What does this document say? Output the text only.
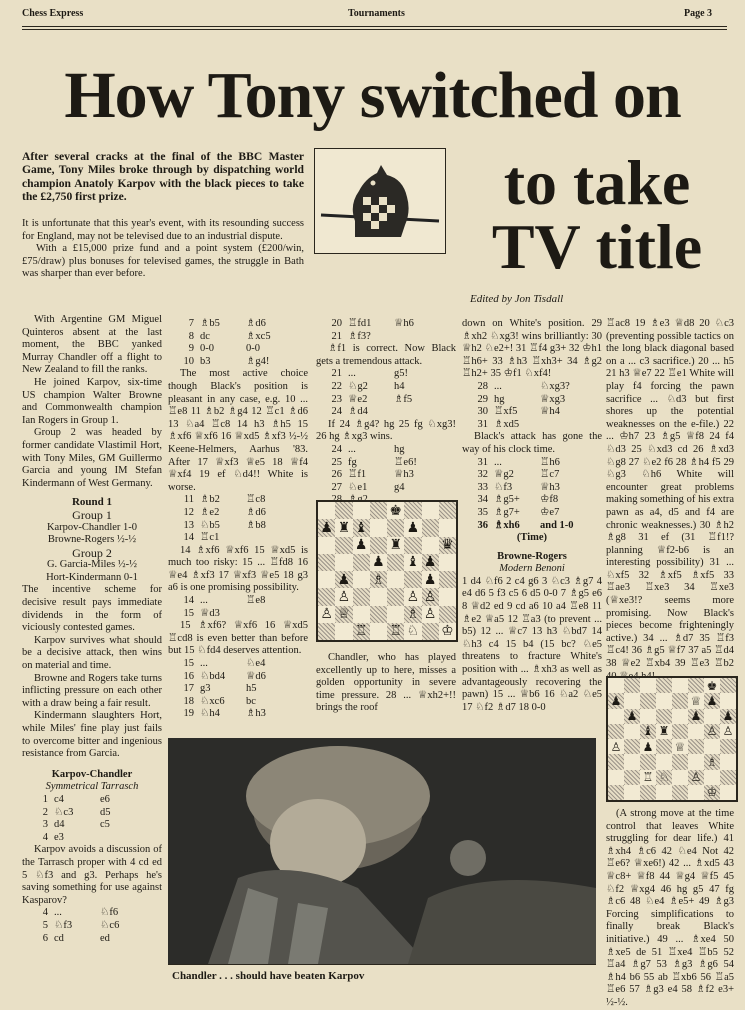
Chess Express	Tournaments	Page 3
How Tony switched on
After several cracks at the final of the BBC Master Game, Tony Miles broke through by dispatching world champion Anatoly Karpov with the black pieces to take the £2,750 first prize.

It is unfortunate that this year's event, with its resounding success for England, may not be televised due to an industrial dispute.

With a £15,000 prize fund and a point system (£200/win, £75/draw) plus bonuses for televised games, the struggle in Bath was sharper than ever before.

to take
TV title
Edited by Jon Tisdall

With Argentine GM Miguel Quinteros absent at the last moment, the BBC yanked Murray Chandler off a flight to New Zealand to fill the ranks.

He joined Karpov, six-time US champion Walter Browne and Commonwealth champion Ian Rogers in Group 1.

Group 2 was headed by former candidate Vlastimil Hort, with Tony Miles, GM Guillermo Garcia and young IM Stefan Kindermann of West Germany.

Round 1
Group 1
Karpov-Chandler 1-0
Browne-Rogers ½-½
Group 2
G. Garcia-Miles ½-½
Hort-Kindermann 0-1

The incentive scheme for decisive result pays immediate dividends in the form of viciously contested games.

Karpov survives what should be a decisive attack, then wins on material and time.

Browne and Rogers take turns inflicting pressure on each other with a draw being a fair result.

Kindermann slaughters Hort, while Miles' fine play just fails to overcome bitter and ingenious resistance from Garcia.

Karpov-Chandler
Symmetrical Tarrasch
1 c4	e6
2 ♘c3	d5
3 d4	c5
4 e3

Karpov avoids a discussion of the Tarrasch proper with 4 cd ed 5 ♘f3 and g3. Perhaps he's saving something for use against Kasparov?

4 ...	♘f6
5 ♘f3	♘c6
6 cd	ed
7 ♗b5	♗d6
8 dc	♗xc5
9 0-0	0-0
10 b3	♗g4!

The most active choice though Black's position is pleasant in any case, e.g. 10 ... ♖e8 11 ♗b2 ♗g4 12 ♖c1 ♗d6 13 ♘a4 ♖c8 14 h3 ♗h5 15 ♗xf6 ♕xf6 16 ♕xd5 ♗xf3 ½-½ Keene-Helmers, Aarhus '83. After 17 ♕xf3 ♕e5 18 ♕f4 ♕xf4 19 ef ♘d4!! White is worse.

11 ♗b2	♖c8
12 ♗e2	♗d6
13 ♘b5	♗b8
14 ♖c1

14 ♗xf6 ♕xf6 15 ♕xd5 is much too risky: 15 ... ♖fd8 16 ♕e4 ♗xf3 17 ♕xf3 ♕e5 18 g3 a6 is one promising possibility.

14 ...	♖e8
15 ♕d3

15 ♗xf6? ♕xf6 16 ♕xd5 ♖cd8 is even better than before but 15 ♘fd4 deserves attention.

15 ...	♘e4
16 ♘bd4	♕d6
17 g3	h5
18 ♘xc6	bc
19 ♘h4	♗h3
20 ♖fd1	♕h6
21 ♗f3?

♗f1 is correct. Now Black gets a tremendous attack.

21 ...	g5!
22 ♘g2	h4
23 ♕e2	♗f5
24 ♗d4

If 24 ♗g4? hg 25 fg ♘xg3! 26 hg ♗xg3 wins.

24 ...	hg
25 fg	♖e6!
26 ♖f1	♕h3
27 ♘e1	g4
♚
♟ ♜ ♝	♟
♟ ♜	♛
♟ ♝ ♟
♟ ♗	♟
♙	♙ ♙
♙ ♕	♗ ♙
♖ ♖ ♘ ♔

Chandler, who has played excellently up to here, misses a golden opportunity in severe time pressure. 28 ... ♕xh2+!! brings the roof

down on White's position. 29 ♗xh2 ♘xg3! wins brilliantly: 30 ♕h2 ♘e2+! 31 ♖f4 g3+ 32 ♔h1 ♖h6+ 33 ♗h3 ♖xh3+ 34 ♗g2 ♖h2+ 35 ♔f1 ♘xf4!

28 ...	♘xg3?
29 hg	♕xg3
30 ♖xf5	♕h4
31 ♗xd5

Black's attack has gone the way of his clock time.

31 ...	♖h6
32 ♕g2	♖c7
33 ♘f3	♕h3
34 ♗g5+	♔f8
35 ♗g7+	♔e7
36 ♗xh6	and 1-0
(Time)
Browne-Rogers
Modern Benoni

1 d4 ♘f6 2 c4 g6 3 ♘c3 ♗g7 4 e4 d6 5 f3 c5 6 d5 0-0 7 ♗g5 e6 8 ♕d2 ed 9 cd a6 10 a4 ♖e8 11 ♗e2 ♕a5 12 ♖a3 (to prevent ... b5) 12 ... ♕c7 13 h3 ♘bd7 14 ♘h3 c4 15 b4 (15 bc? ♘e5 threatens to fracture White's position with ... ♗xh3 as well as advantageously recovering the pawn) 15 ... ♕b6 16 ♘a2 ♘e5 17 ♘f2 ♗d7 18 0-0

♖ac8 19 ♗e3 ♕d8 20 ♘c3 (preventing possible tactics on the long black diagonal based on a ... c3 sacrifice.) 20 ... h5 21 h3 ♕e7 22 ♖e1 White will play f4 forcing the pawn sacrifice ... ♘d3 but first shores up the potential weaknesses on the e-file.) 22 ... ♔h7 23 ♗g5 ♕f8 24 f4 ♘d3 25 ♘xd3 cd 26 ♗xd3 ♘g8 27 ♘e2 f6 28 ♗h4 f5 29 ♘g3 ♘h6 White will encounter great problems making something of his extra pawn as a4, d5 and f4 are chronic weaknesses.) 30 ♗h2 ♗g8 31 ef (31 ♖f1!? planning ♕f2-b6 is an interesting possibility) 31 ... ♘xf5 32 ♗xf5 ♗xf5 33 ♖ae3 ♖xe3 34 ♖xe3 (♕xe3!? seems more promising. Now Black's pieces become frighteningly active.) 34 ... ♗d7 35 ♖f3 ♖c4! 36 ♗g5 ♕f7 37 a5 ♖d4 38 ♕e2 ♖xb4 39 ♖e3 ♖b2

♚
♟	♕ ♟
♟	♟ ♟
♝ ♜	♙ ♙
♙ ♟ ♕
♗
♖ ♘ ♙
♔

(A strong move at the time control that leaves White struggling for dear life.) 41 ♗xh4 ♗c6 42 ♘e4 Not 42 ♖e6? ♕xe6!) 42 ... ♗xd5 43 ♕c8+ ♕f8 44 ♕g4 ♕f5 45 ♘f2 ♕xg4 46 hg g5 47 fg ♗c6 48 ♘e4 ♗e5+ 49 ♗g3 Forcing simplifications to finally break Black's initiative.) 49 ... ♗xe4 50 ♗xe5 de 51 ♖xe4 ♖b5 52 ♖a4 ♗g7 53 ♗g3 ♗g6 54 ♗h4 b6 55 ab ♖xb6 56 ♖a5 ♖e6 57 ♗g3 e4 58 ♗f2 e3+ ½-½.

Chandler . . . should have beaten Karpov
